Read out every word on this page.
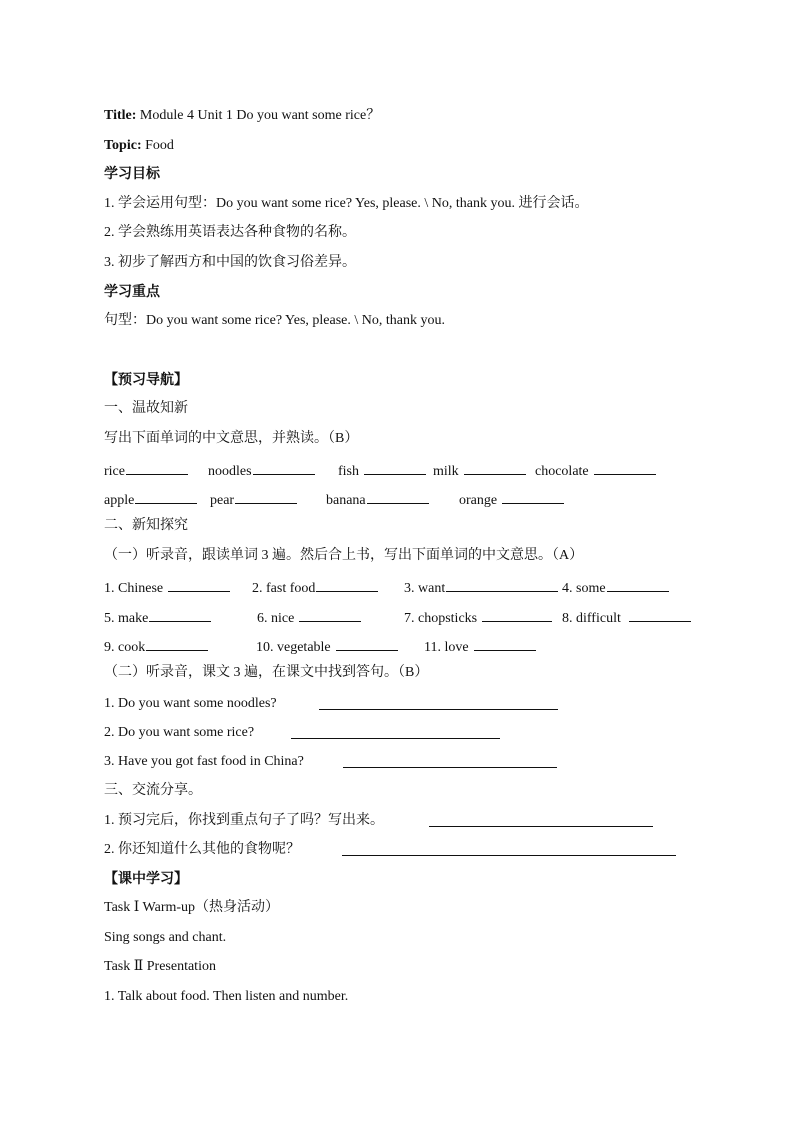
Title: Module 4 Unit 1 Do you want some rice？
Topic: Food
学习目标
1. 学会运用句型：Do you want some rice? Yes, please. \ No, thank you. 进行会话。
2. 学会熟练用英语表达各种食物的名称。
3. 初步了解西方和中国的饮食习俗差异。
学习重点
句型：Do you want some rice? Yes, please. \ No, thank you.
【预习导航】
一、温故知新
写出下面单词的中文意思，并熟读。（B）
rice	noodles	fish	milk	chocolate
apple	pear	banana	orange
二、新知探究
（一）听录音，跟读单词 3 遍。然后合上书，写出下面单词的中文意思。（A）
1. Chinese	2. fast food	3. want	4. some
5. make	6. nice	7. chopsticks	8. difficult
9. cook	10. vegetable	11. love
（二）听录音，课文 3 遍，在课文中找到答句。（B）
1. Do you want some noodles?
2. Do you want some rice?
3. Have you got fast food in China?
三、交流分享。
1. 预习完后，你找到重点句子了吗？写出来。
2. 你还知道什么其他的食物呢？
【课中学习】
Task Ⅰ Warm-up（热身活动）
Sing songs and chant.
Task Ⅱ Presentation
1. Talk about food. Then listen and number.
